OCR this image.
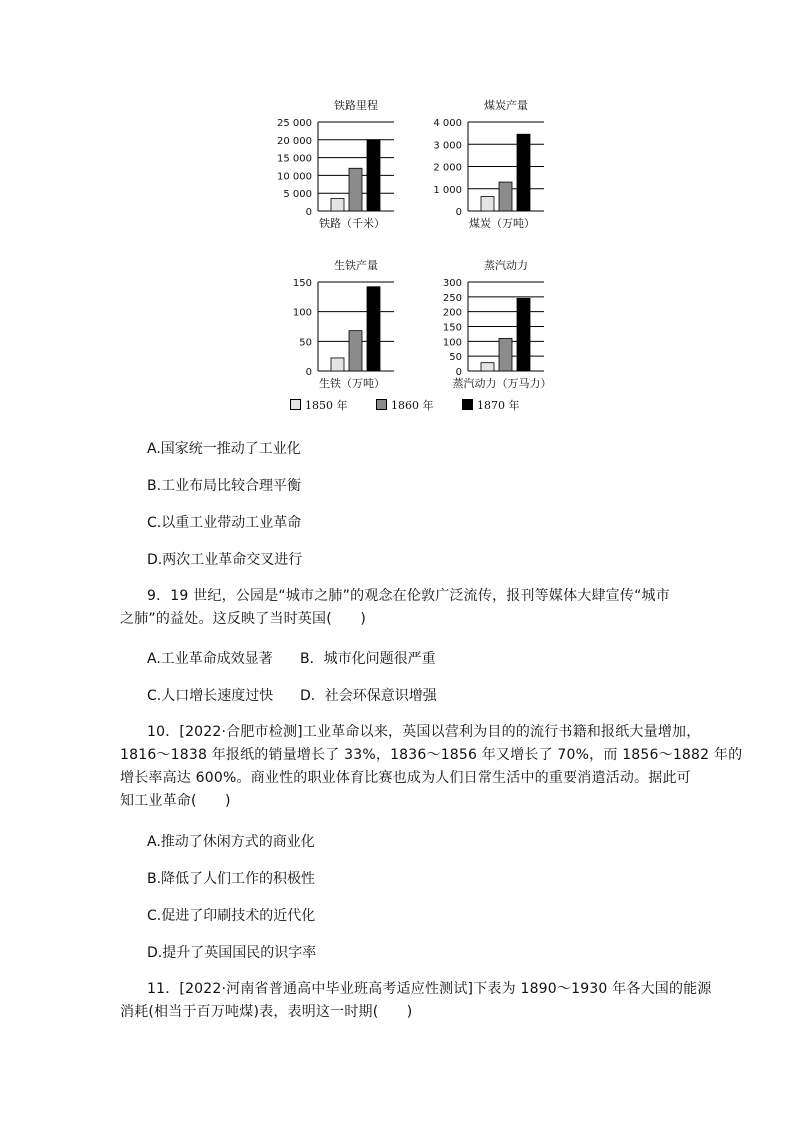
铁路里程
25 000
20 000
15 000
10 000
5 000
0
铁路（千米）
煤炭产量
4 000
3 000
2 000
1 000
0
煤炭（万吨）
生铁产量
150
100
50
0
生铁（万吨）
蒸汽动力
300
250
200
150
100
50
0
蒸汽动力（万马力）
1850 年	1860 年	1870 年
A.国家统一推动了工业化
B.工业布局比较合理平衡
C.以重工业带动工业革命
D.两次工业革命交叉进行
9．19 世纪，公园是“城市之肺”的观念在伦敦广泛流传，报刊等媒体大肆宣传“城市
之肺”的益处。这反映了当时英国(　　)
A.工业革命成效显著 B．城市化问题很严重
C.人口增长速度过快 D．社会环保意识增强
10．[2022·合肥市检测]工业革命以来，英国以营利为目的的流行书籍和报纸大量增加，
1816～1838 年报纸的销量增长了 33%，1836～1856 年又增长了 70%，而 1856～1882 年的
增长率高达 600%。商业性的职业体育比赛也成为人们日常生活中的重要消遣活动。据此可
知工业革命(　　)
A.推动了休闲方式的商业化
B.降低了人们工作的积极性
C.促进了印刷技术的近代化
D.提升了英国国民的识字率
11．[2022·河南省普通高中毕业班高考适应性测试]下表为 1890～1930 年各大国的能源
消耗(相当于百万吨煤)表，表明这一时期(　　)
